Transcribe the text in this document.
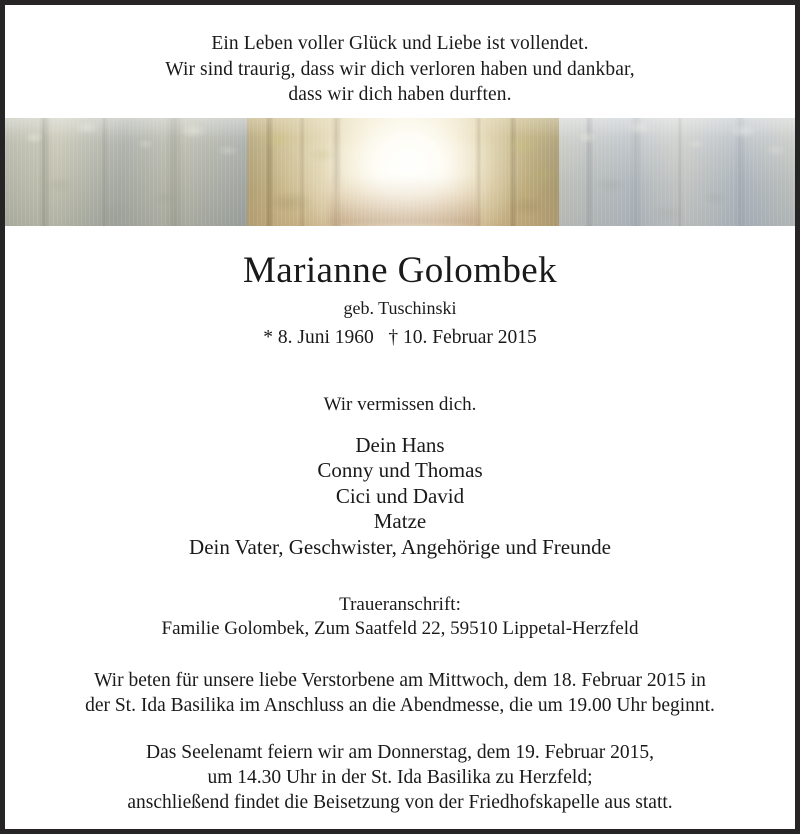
Ein Leben voller Glück und Liebe ist vollendet.
Wir sind traurig, dass wir dich verloren haben und dankbar,
dass wir dich haben durften.
Marianne Golombek
geb. Tuschinski
* 8. Juni 1960   † 10. Februar 2015
Wir vermissen dich.
Dein Hans
Conny und Thomas
Cici und David
Matze
Dein Vater, Geschwister, Angehörige und Freunde
Traueranschrift:
Familie Golombek, Zum Saatfeld 22, 59510 Lippetal-Herzfeld
Wir beten für unsere liebe Verstorbene am Mittwoch, dem 18. Februar 2015 in
der St. Ida Basilika im Anschluss an die Abendmesse, die um 19.00 Uhr beginnt.
Das Seelenamt feiern wir am Donnerstag, dem 19. Februar 2015,
um 14.30 Uhr in der St. Ida Basilika zu Herzfeld;
anschließend findet die Beisetzung von der Friedhofskapelle aus statt.
